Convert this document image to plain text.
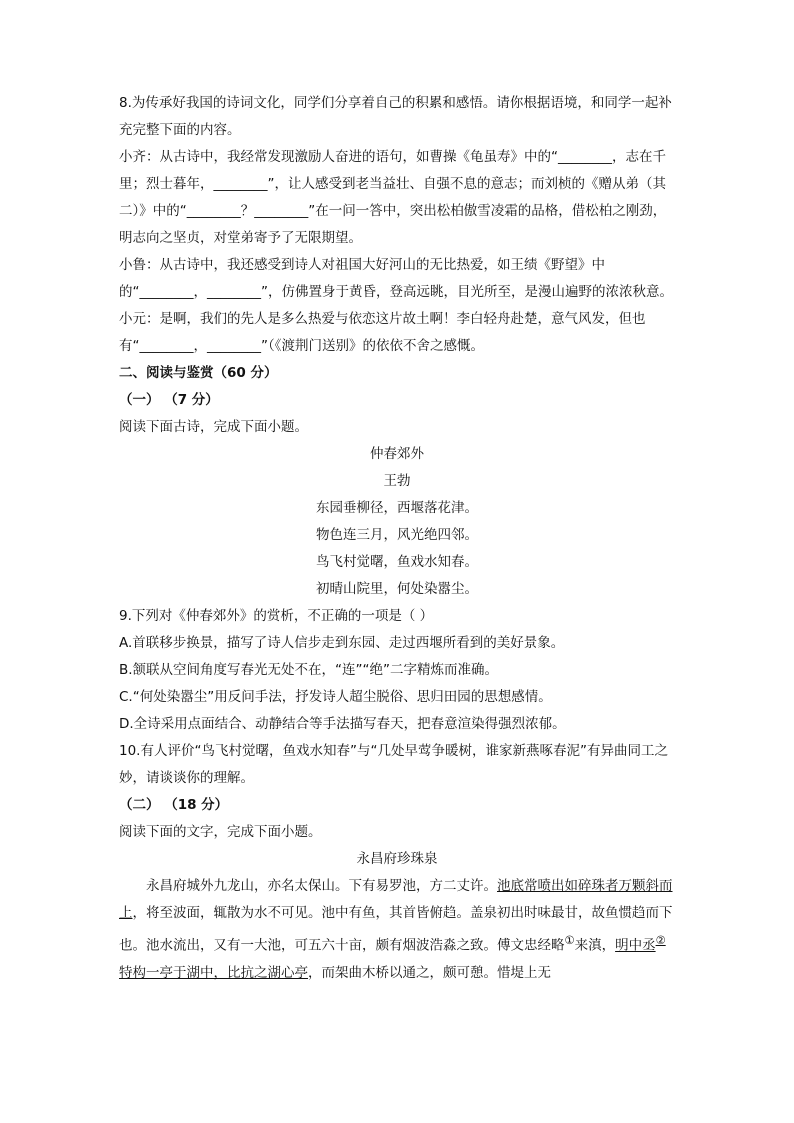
8.为传承好我国的诗词文化，同学们分享着自己的积累和感悟。请你根据语境，和同学一起补充完整下面的内容。

小齐：从古诗中，我经常发现激励人奋进的语句，如曹操《龟虽寿》中的“________，志在千里；烈士暮年，________”，让人感受到老当益壮、自强不息的意志；而刘桢的《赠从弟（其二）》中的“________？________”在一问一答中，突出松柏傲雪凌霜的品格，借松柏之刚劲，明志向之坚贞，对堂弟寄予了无限期望。

小鲁：从古诗中，我还感受到诗人对祖国大好河山的无比热爱，如王绩《野望》中的“________，________”，仿佛置身于黄昏，登高远眺，目光所至，是漫山遍野的浓浓秋意。

小元：是啊，我们的先人是多么热爱与依恋这片故土啊！李白轻舟赴楚，意气风发，但也有“________，________”（《渡荆门送别》的依依不舍之感慨。

二、阅读与鉴赏（60 分）

（一） （7 分）

阅读下面古诗，完成下面小题。

仲春郊外

王勃

东园垂柳径，西堰落花津。

物色连三月，风光绝四邻。

鸟飞村觉曙，鱼戏水知春。

初晴山院里，何处染嚣尘。

9.下列对《仲春郊外》的赏析，不正确的一项是（ ）

A.首联移步换景，描写了诗人信步走到东园、走过西堰所看到的美好景象。

B.颔联从空间角度写春光无处不在，“连”“绝”二字精炼而准确。

C.“何处染嚣尘”用反问手法，抒发诗人超尘脱俗、思归田园的思想感情。

D.全诗采用点面结合、动静结合等手法描写春天，把春意渲染得强烈浓郁。

10.有人评价“鸟飞村觉曙，鱼戏水知春”与“几处早莺争暖树，谁家新燕啄春泥”有异曲同工之妙，请谈谈你的理解。

（二） （18 分）

阅读下面的文字，完成下面小题。

永昌府珍珠泉

永昌府城外九龙山，亦名太保山。下有易罗池，方二丈许。池底常喷出如碎珠者万颗斜而上，将至波面，辄散为水不可见。池中有鱼，其首皆俯趋。盖泉初出时味最甘，故鱼惯趋而下也。池水流出，又有一大池，可五六十亩，颇有烟波浩淼之致。傅文忠经略①来滇，明中丞②特构一亭于湖中，比抗之湖心亭，而架曲木桥以通之，颇可憩。惜堤上无
